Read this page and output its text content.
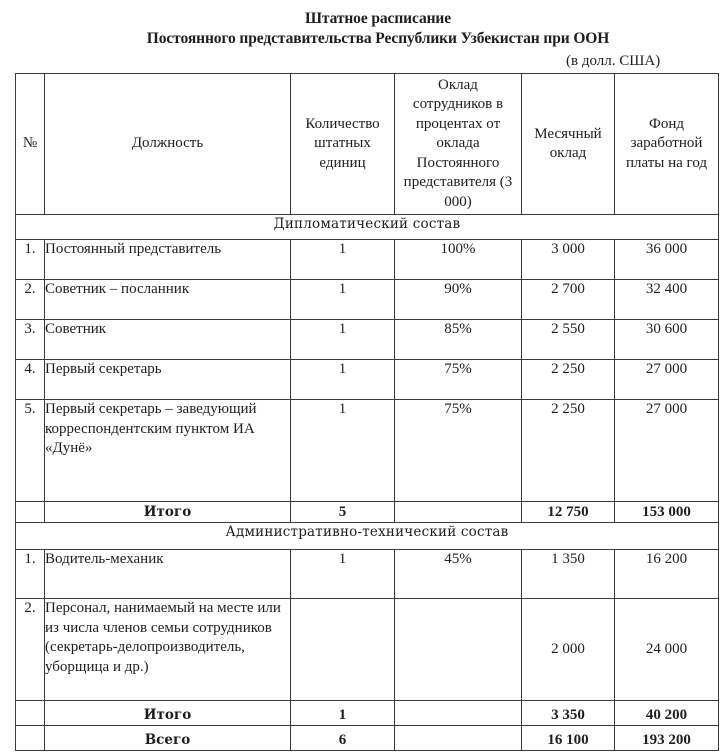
Штатное расписание
Постоянного представительства Республики Узбекистан при ООН
(в долл. США)
№	Должность	Количество штатных единиц	Оклад сотрудников в процентах от оклада Постоянного представителя (3 000)	Месячный оклад	Фонд заработной платы на год
Дипломатический состав					
1.	Постоянный представитель	1	100%	3 000	36 000
2.	Советник – посланник	1	90%	2 700	32 400
3.	Советник	1	85%	2 550	30 600
4.	Первый секретарь	1	75%	2 250	27 000
5.	Первый секретарь – заведующий корреспондентским пунктом ИА «Дунё»	1	75%	2 250	27 000
	Итого	5		12 750	153 000
Административно-технический состав					
1.	Водитель-механик	1	45%	1 350	16 200
2.	Персонал, нанимаемый на месте или из числа членов семьи сотрудников (секретарь-делопроизводитель, уборщица и др.)			2 000	24 000
	Итого	1		3 350	40 200
	Всего	6		16 100	193 200
